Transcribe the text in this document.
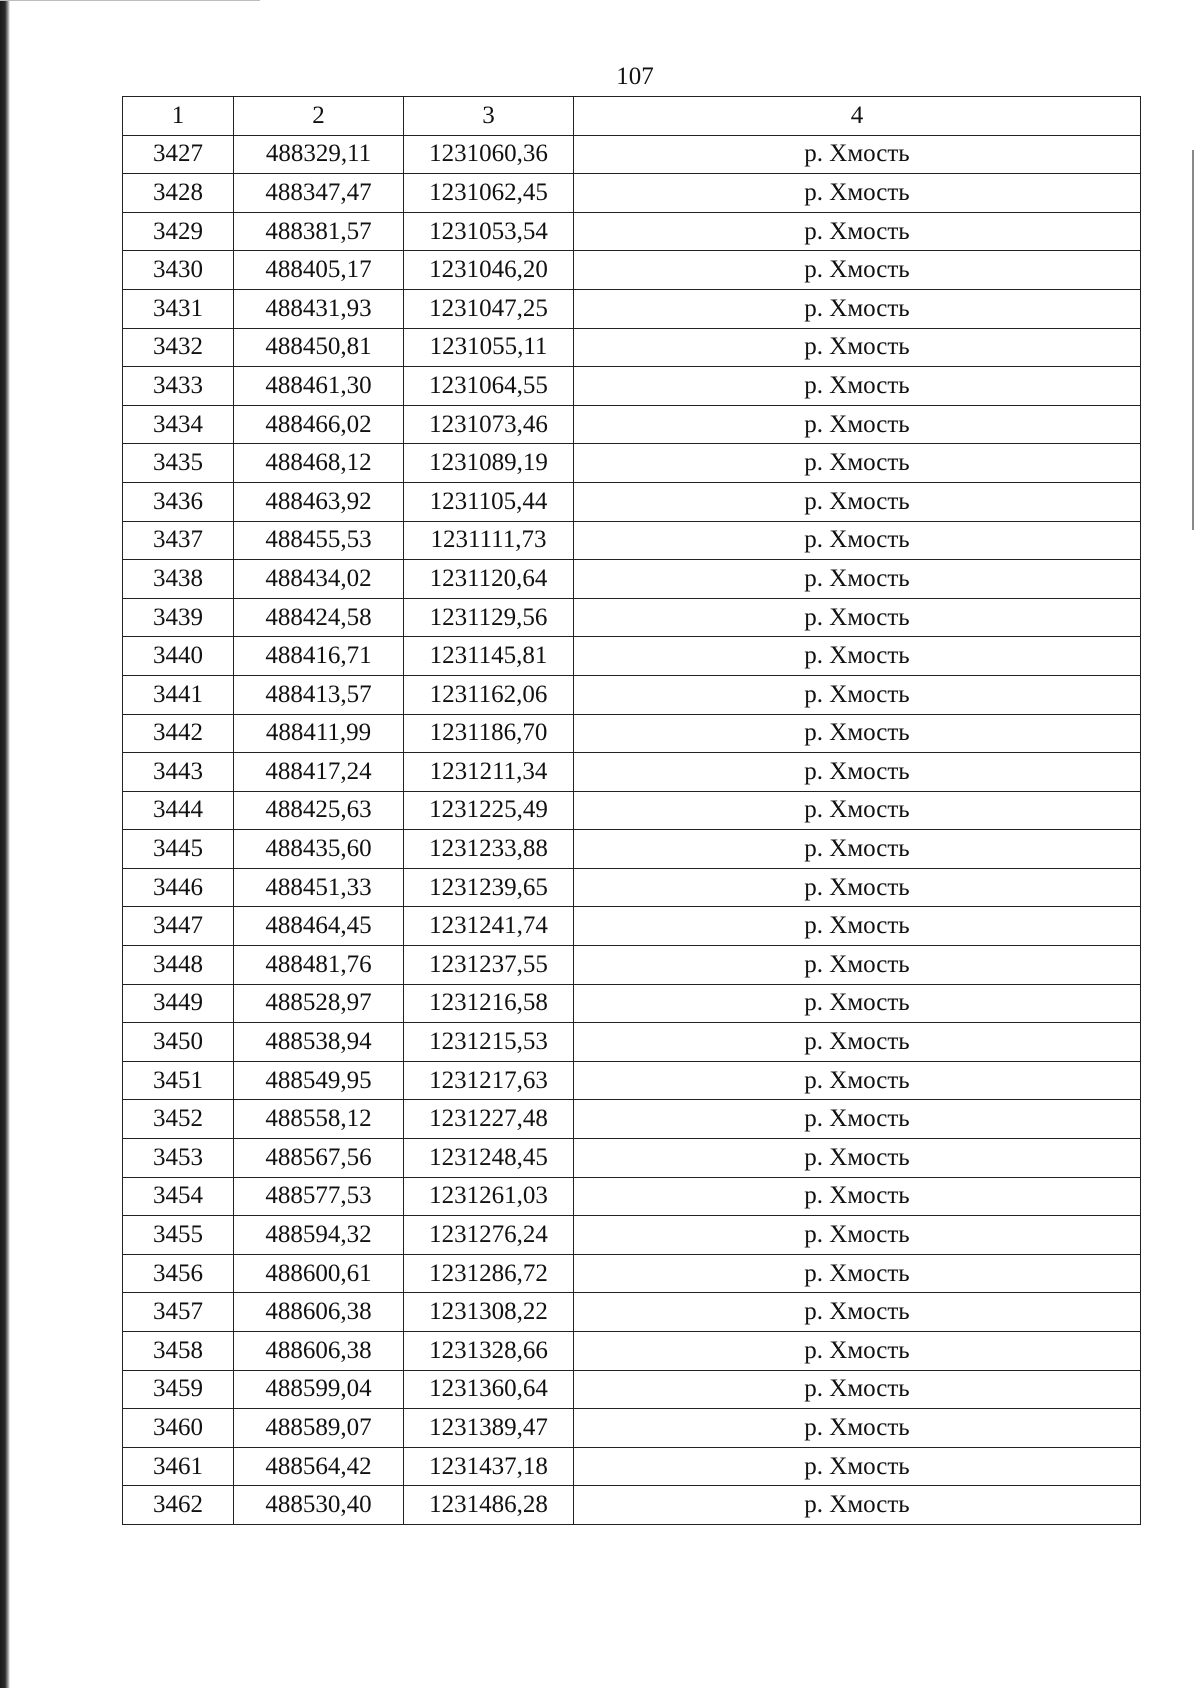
107
1	2	3	4
3427	488329,11	1231060,36	р. Хмость
3428	488347,47	1231062,45	р. Хмость
3429	488381,57	1231053,54	р. Хмость
3430	488405,17	1231046,20	р. Хмость
3431	488431,93	1231047,25	р. Хмость
3432	488450,81	1231055,11	р. Хмость
3433	488461,30	1231064,55	р. Хмость
3434	488466,02	1231073,46	р. Хмость
3435	488468,12	1231089,19	р. Хмость
3436	488463,92	1231105,44	р. Хмость
3437	488455,53	1231111,73	р. Хмость
3438	488434,02	1231120,64	р. Хмость
3439	488424,58	1231129,56	р. Хмость
3440	488416,71	1231145,81	р. Хмость
3441	488413,57	1231162,06	р. Хмость
3442	488411,99	1231186,70	р. Хмость
3443	488417,24	1231211,34	р. Хмость
3444	488425,63	1231225,49	р. Хмость
3445	488435,60	1231233,88	р. Хмость
3446	488451,33	1231239,65	р. Хмость
3447	488464,45	1231241,74	р. Хмость
3448	488481,76	1231237,55	р. Хмость
3449	488528,97	1231216,58	р. Хмость
3450	488538,94	1231215,53	р. Хмость
3451	488549,95	1231217,63	р. Хмость
3452	488558,12	1231227,48	р. Хмость
3453	488567,56	1231248,45	р. Хмость
3454	488577,53	1231261,03	р. Хмость
3455	488594,32	1231276,24	р. Хмость
3456	488600,61	1231286,72	р. Хмость
3457	488606,38	1231308,22	р. Хмость
3458	488606,38	1231328,66	р. Хмость
3459	488599,04	1231360,64	р. Хмость
3460	488589,07	1231389,47	р. Хмость
3461	488564,42	1231437,18	р. Хмость
3462	488530,40	1231486,28	р. Хмость
